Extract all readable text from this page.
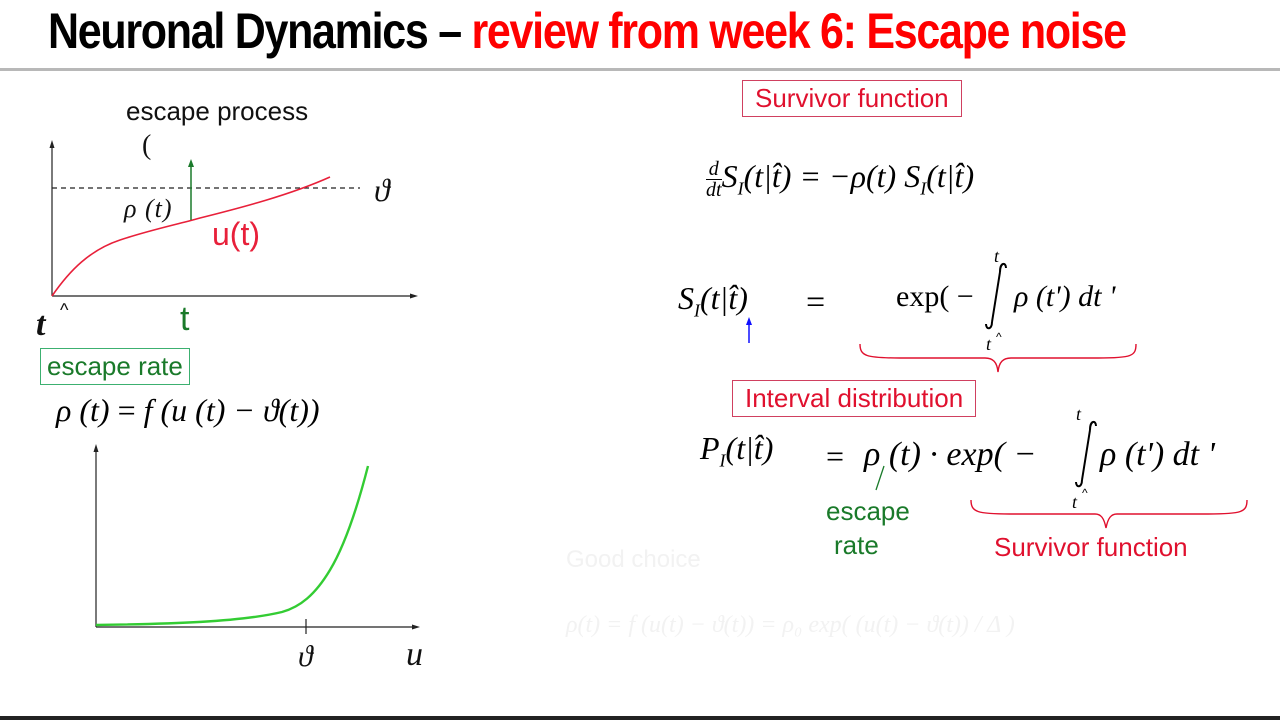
Neuronal Dynamics – review from week 6: Escape noise
escape process
(
ϑ
ρ (t)
u(t)
t ^	t
escape rate
ρ (t) = f (u (t) − ϑ(t))
ϑ	u
Survivor function
$\frac{d}{dt}$ $S_I(t|t̂) = -\rho(t)$ $S_I(t|t̂)$
$S_I(t|t̂) = \exp$( −
t
t ^
ρ (t') dt '
Interval distribution
$P_I(t|t̂) = \rho$ (t) · exp( −
t
t ^
ρ (t') dt '
escape
rate	Survivor function
Good choice
ρ(t) = f (u(t) − ϑ(t)) = ρ₀ exp( (u(t) − ϑ(t)) / Δ )
